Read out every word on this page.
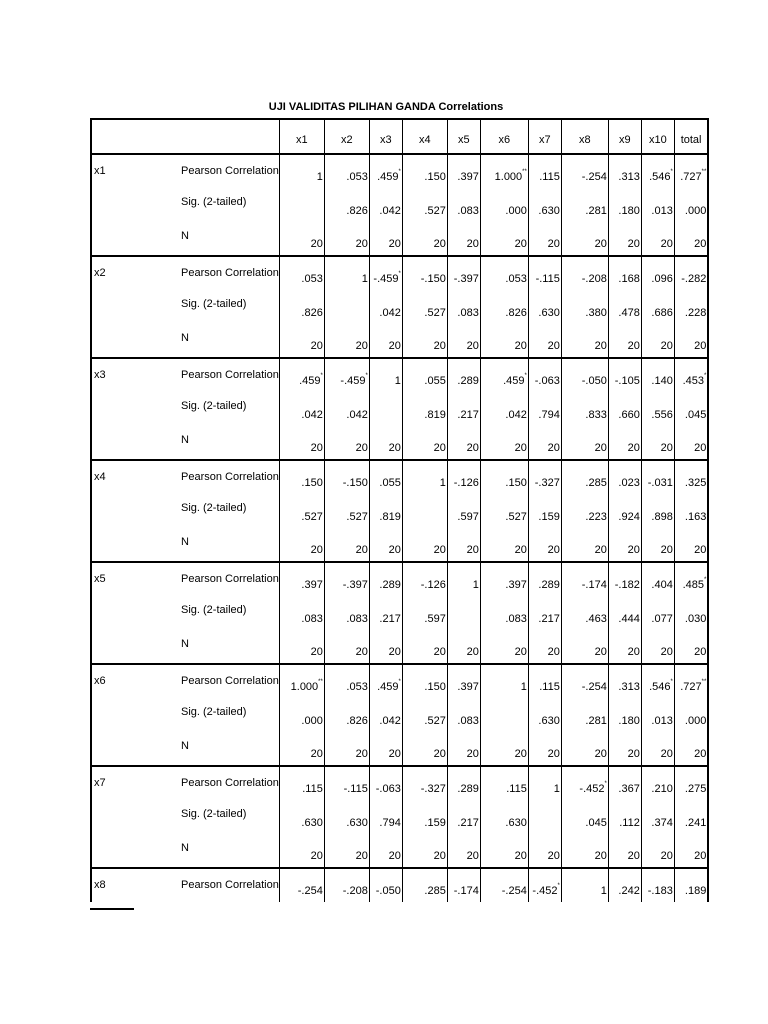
UJI VALIDITAS PILIHAN GANDA Correlations
		x1	x2	x3	x4	x5	x6	x7	x8	x9	x10	total
x1	Pearson Correlation	1	.053	.459*	.150	.397	1.000**	.115	-.254	.313	.546*	.727**
	Sig. (2-tailed)		.826	.042	.527	.083	.000	.630	.281	.180	.013	.000
	N	20	20	20	20	20	20	20	20	20	20	20
x2	Pearson Correlation	.053	1	-.459*	-.150	-.397	.053	-.115	-.208	.168	.096	-.282
	Sig. (2-tailed)	.826		.042	.527	.083	.826	.630	.380	.478	.686	.228
	N	20	20	20	20	20	20	20	20	20	20	20
x3	Pearson Correlation	.459*	-.459*	1	.055	.289	.459*	-.063	-.050	-.105	.140	.453*
	Sig. (2-tailed)	.042	.042		.819	.217	.042	.794	.833	.660	.556	.045
	N	20	20	20	20	20	20	20	20	20	20	20
x4	Pearson Correlation	.150	-.150	.055	1	-.126	.150	-.327	.285	.023	-.031	.325
	Sig. (2-tailed)	.527	.527	.819		.597	.527	.159	.223	.924	.898	.163
	N	20	20	20	20	20	20	20	20	20	20	20
x5	Pearson Correlation	.397	-.397	.289	-.126	1	.397	.289	-.174	-.182	.404	.485*
	Sig. (2-tailed)	.083	.083	.217	.597		.083	.217	.463	.444	.077	.030
	N	20	20	20	20	20	20	20	20	20	20	20
x6	Pearson Correlation	1.000**	.053	.459*	.150	.397	1	.115	-.254	.313	.546*	.727**
	Sig. (2-tailed)	.000	.826	.042	.527	.083		.630	.281	.180	.013	.000
	N	20	20	20	20	20	20	20	20	20	20	20
x7	Pearson Correlation	.115	-.115	-.063	-.327	.289	.115	1	-.452*	.367	.210	.275
	Sig. (2-tailed)	.630	.630	.794	.159	.217	.630		.045	.112	.374	.241
	N	20	20	20	20	20	20	20	20	20	20	20
x8	Pearson Correlation	-.254	-.208	-.050	.285	-.174	-.254	-.452*	1	.242	-.183	.189
